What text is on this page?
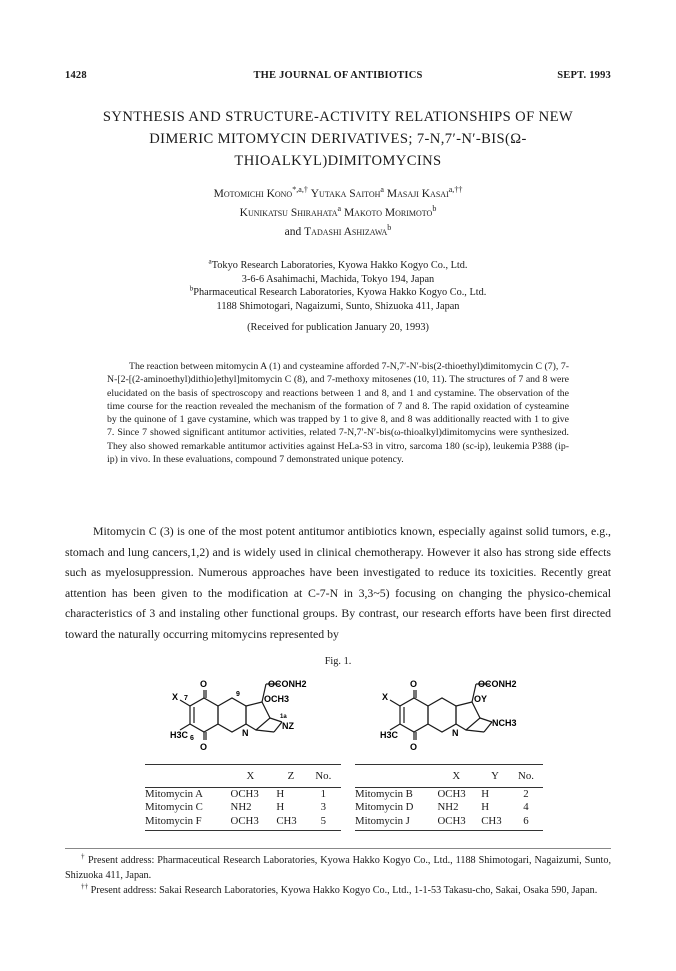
1428	THE JOURNAL OF ANTIBIOTICS	SEPT. 1993
SYNTHESIS AND STRUCTURE-ACTIVITY RELATIONSHIPS OF NEW DIMERIC MITOMYCIN DERIVATIVES; 7-N,7′-N′-BIS(Ω-THIOALKYL)DIMITOMYCINS
Motomichi Kono$^{*,a,\dagger}$ Yutaka Saitoh$^a$ Masaji Kasai$^{a,\dagger\dagger}$
Kunikatsu Shirahata$^a$ Makoto Morimoto$^b$
and Tadashi Ashizawa$^b$
$^a$Tokyo Research Laboratories, Kyowa Hakko Kogyo Co., Ltd.
3-6-6 Asahimachi, Machida, Tokyo 194, Japan
$^b$Pharmaceutical Research Laboratories, Kyowa Hakko Kogyo Co., Ltd.
1188 Shimotogari, Nagaizumi, Sunto, Shizuoka 411, Japan
(Received for publication January 20, 1993)
The reaction between mitomycin A (1) and cysteamine afforded 7-N,7′-N′-bis(2-thioethyl)dimitomycin C (7), 7-N-[2-[(2-aminoethyl)dithio]ethyl]mitomycin C (8), and 7-methoxy mitosenes (10, 11). The structures of 7 and 8 were elucidated on the basis of spectroscopy and reactions between 1 and 8, and 1 and cystamine. The observation of the time course for the reaction revealed the mechanism of the formation of 7 and 8. The rapid oxidation of cysteamine by the quinone of 1 gave cystamine, which was trapped by 1 to give 8, and 8 was additionally reacted with 1 to give 7. Since 7 showed significant antitumor activities, related 7-N,7′-N′-bis(ω-thioalkyl)dimitomycins were synthesized. They also showed remarkable antitumor activities against HeLa-S3 in vitro, sarcoma 180 (sc-ip), leukemia P388 (ip-ip) in vivo. In these evaluations, compound 7 demonstrated unique potency.
Mitomycin C (3) is one of the most potent antitumor antibiotics known, especially against solid tumors, e.g., stomach and lung cancers,1,2) and is widely used in clinical chemotherapy. However it also has strong side effects such as myelosuppression. Numerous approaches have been investigated to reduce its toxicities. Recently great attention has been given to the modification at C-7-N in 3,3~5) focusing on changing the physico-chemical characteristics of 3 and instaling other functional groups. By contrast, our research efforts have been first directed toward the naturally occurring mitomycins represented by
Fig. 1.
O	OCONH2
OCH3
X 7
9
1a
NZ
H3C 6
N
O
O	OCONH2
OY
X
NCH3
H3C	N
O
	X	Z	No.

Mitomycin A	OCH3	H	1
Mitomycin C	NH2	H	3
Mitomycin F	OCH3	CH3	5
	X	Y	No.

Mitomycin B	OCH3	H	2
Mitomycin D	NH2	H	4
Mitomycin J	OCH3	CH3	6
† Present address: Pharmaceutical Research Laboratories, Kyowa Hakko Kogyo Co., Ltd., 1188 Shimotogari, Nagaizumi, Sunto, Shizuoka 411, Japan.
†† Present address: Sakai Research Laboratories, Kyowa Hakko Kogyo Co., Ltd., 1-1-53 Takasu-cho, Sakai, Osaka 590, Japan.
